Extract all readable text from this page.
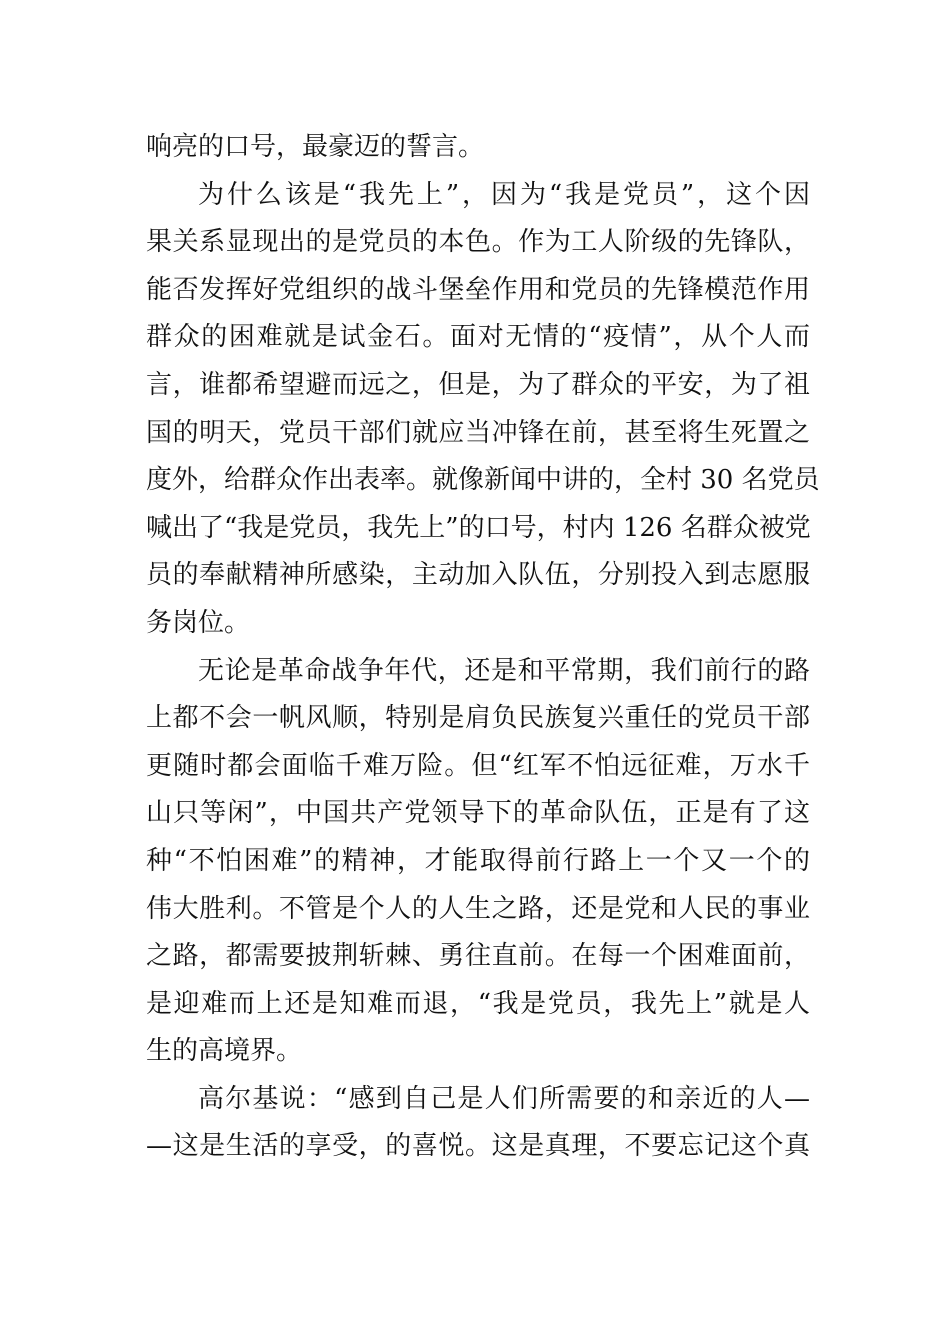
响亮的口号，最豪迈的誓言。
为什么该是“我先上”，因为“我是党员”，这个因
果关系显现出的是党员的本色。作为工人阶级的先锋队，
能否发挥好党组织的战斗堡垒作用和党员的先锋模范作用
群众的困难就是试金石。面对无情的“疫情”，从个人而
言，谁都希望避而远之，但是，为了群众的平安，为了祖
国的明天，党员干部们就应当冲锋在前，甚至将生死置之
度外，给群众作出表率。就像新闻中讲的，全村 30 名党员
喊出了“我是党员，我先上”的口号，村内 126 名群众被党
员的奉献精神所感染，主动加入队伍，分别投入到志愿服
务岗位。
无论是革命战争年代，还是和平常期，我们前行的路
上都不会一帆风顺，特别是肩负民族复兴重任的党员干部
更随时都会面临千难万险。但“红军不怕远征难，万水千
山只等闲”，中国共产党领导下的革命队伍，正是有了这
种“不怕困难”的精神，才能取得前行路上一个又一个的
伟大胜利。不管是个人的人生之路，还是党和人民的事业
之路，都需要披荆斩棘、勇往直前。在每一个困难面前，
是迎难而上还是知难而退，“我是党员，我先上”就是人
生的高境界。
高尔基说：“感到自己是人们所需要的和亲近的人—
—这是生活的享受，的喜悦。这是真理，不要忘记这个真
